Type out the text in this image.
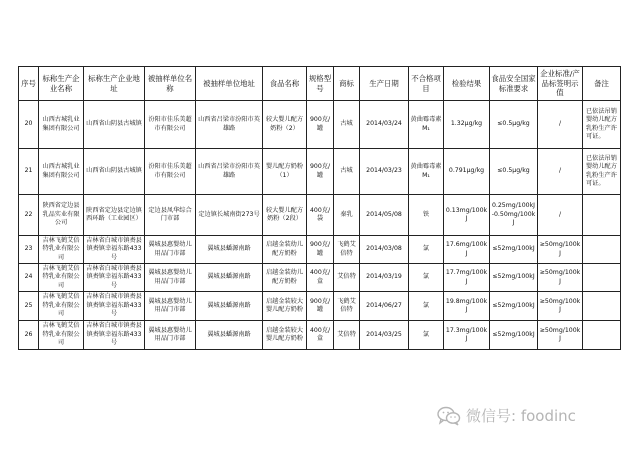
序号	标称生产企业名称	标称生产企业地址	被抽样单位名称	被抽样单位地址	食品名称	规格型号	商标	生产日期	不合格项目	检验结果	食品安全国家标准要求	企业标准/产品标签明示值	备注
20	山西古城乳业集团有限公司	山西省山阴县古城镇	汾阳市佳乐美超市有限公司	山西省吕梁市汾阳市英雄路	较大婴儿配方奶粉（2）	900克/罐	古城	2014/03/24	黄曲霉毒素M₁	1.32μg/kg	≤0.5μg/kg	/	已依法吊销婴幼儿配方乳粉生产许可证。
21	山西古城乳业集团有限公司	山西省山阴县古城镇	汾阳市佳乐美超市有限公司	山西省吕梁市汾阳市英雄路	婴儿配方奶粉（1）	900克/罐	古城	2014/03/23	黄曲霉毒素M₁	0.791μg/kg	≤0.5μg/kg	/	已依法吊销婴幼儿配方乳粉生产许可证。
22	陕西省定边县乳品实业有限公司	陕西省定边县定边镇西环路（工业园区）	定边县凤华综合门市部	定边镇长城南街273号	较大婴儿配方奶粉（2段）	400克/袋	秦乳	2014/05/08	铁	0.13mg/100kJ	0.25mg/100kJ-0.50mg/100kJ	/	
23	吉林飞鹤艾倍特乳业有限公司	吉林省白城市镇赉县镇赉镇幸福东路433号	翼城县惠婴幼儿用品门市部	翼城县蟠源南路	启越金装幼儿配方奶粉	900克/罐	飞鹤艾倍特	2014/03/08	氯	17.6mg/100kJ	≤52mg/100kJ	≥50mg/100kJ	
24	吉林飞鹤艾倍特乳业有限公司	吉林省白城市镇赉县镇赉镇幸福东路433号	翼城县惠婴幼儿用品门市部	翼城县蟠源南路	启越金装幼儿配方奶粉	400克/盒	艾倍特	2014/03/19	氯	17.7mg/100kJ	≤52mg/100kJ	≥50mg/100kJ	
25	吉林飞鹤艾倍特乳业有限公司	吉林省白城市镇赉县镇赉镇幸福东路433号	翼城县惠婴幼儿用品门市部	翼城县蟠源南路	启越金装较大婴儿配方奶粉	900克/罐	飞鹤艾倍特	2014/06/27	氯	19.8mg/100kJ	≤52mg/100kJ	≥50mg/100kJ	
26	吉林飞鹤艾倍特乳业有限公司	吉林省白城市镇赉县镇赉镇幸福东路433号	翼城县惠婴幼儿用品门市部	翼城县蟠源南路	启越金装较大婴儿配方奶粉	400克/盒	艾倍特	2014/03/25	氯	17.3mg/100kJ	≤52mg/100kJ	≥50mg/100kJ	
微信号: foodinc
